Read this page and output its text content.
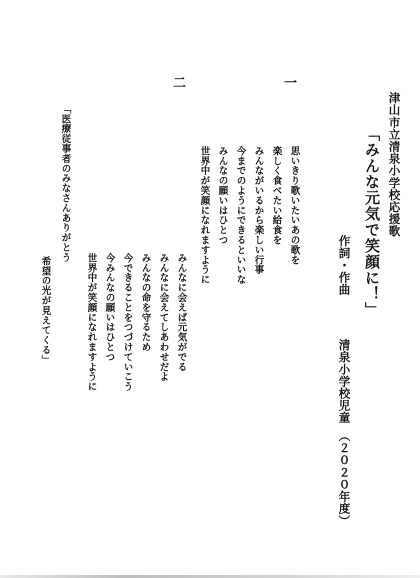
津山市立清泉小学校応援歌
「みんな元気で笑顔に！」
作詞・作曲
清泉小学校児童
（２０２０年度）
一
思いきり歌いたいあの歌を
楽しく食べたい給食を
みんながいるから楽しい行事
今までのようにできるといいな
みんなの願いはひとつ
世界中が笑顔になれますように
二
みんなに会えば元気がでる
みんなに会えてしあわせだよ
みんなの命を守るため
今できることをつづけていこう
今みんなの願いはひとつ
世界中が笑顔になれますように
「医療従事者のみなさんありがとう
希望の光が見えてくる」
